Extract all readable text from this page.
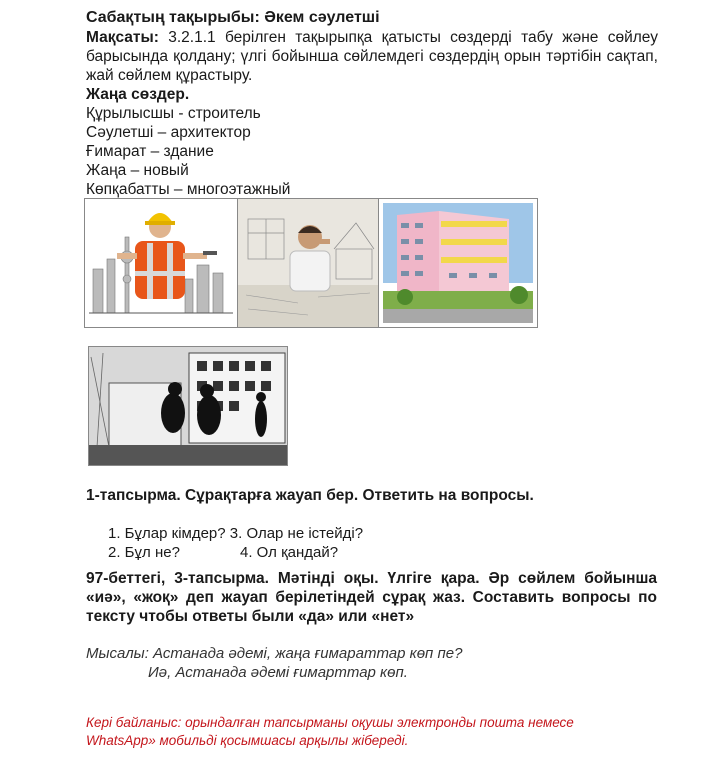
Сабақтың тақырыбы: Әкем сәулетші
Мақсаты: 3.2.1.1 берілген тақырыпқа қатысты сөздерді табу және сөйлеу барысында қолдану; үлгі бойынша сөйлемдегі сөздердің орын тәртібін сақтап, жай сөйлем құрастыру.
Жаңа сөздер.
Құрылысшы - строитель
Сәулетші – архитектор
Ғимарат – здание
Жаңа – новый
Көпқабатты – многоэтажный
1-тапсырма. Сұрақтарға жауап бер. Ответить на вопросы.
1. Бұлар кімдер? 3. Олар не істейді?
2. Бұл не?	4. Ол қандай?
97-беттегі, 3-тапсырма. Мәтінді оқы. Үлгіге қара. Әр сөйлем бойынша «иә», «жоқ» деп жауап берілетіндей сұрақ жаз. Составить вопросы по тексту чтобы ответы были «да» или «нет»
Мысалы: Астанада әдемі, жаңа ғимараттар көп пе?
Иә, Астанада әдемі ғимарттар көп.
Кері байланыс: орындалған тапсырманы оқушы электронды пошта немесе
WhatsApp» мобильді қосымшасы арқылы жібереді.
